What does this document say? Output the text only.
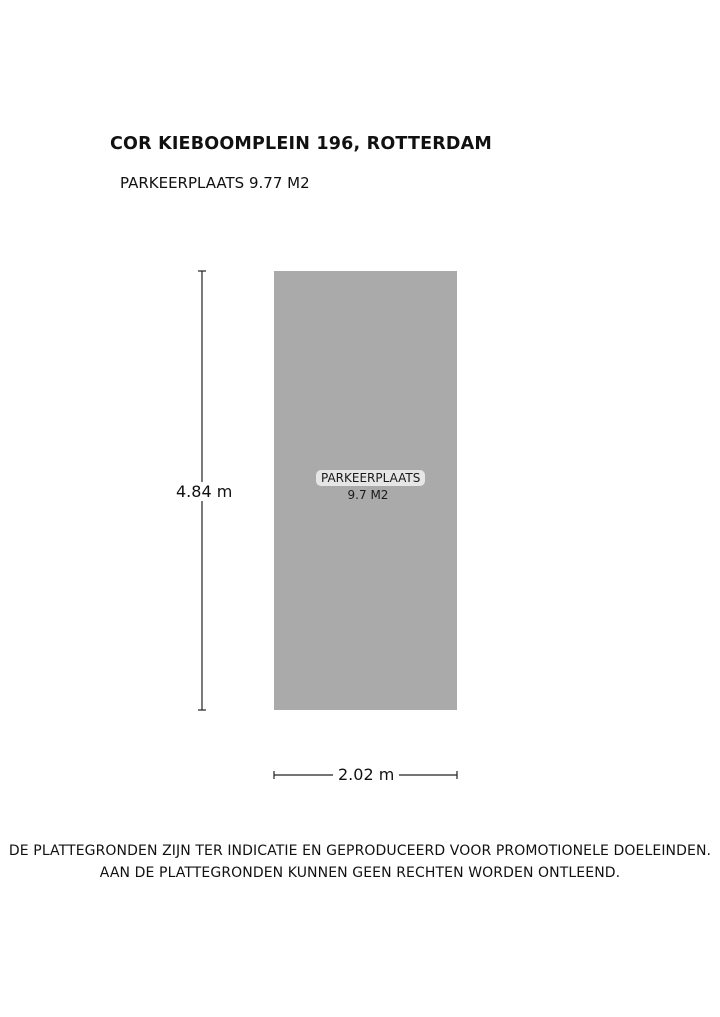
COR KIEBOOMPLEIN 196, ROTTERDAM
PARKEERPLAATS 9.77 M2
PARKEERPLAATS
9.7 M2
4.84 m
2.02 m
DE PLATTEGRONDEN ZIJN TER INDICATIE EN GEPRODUCEERD VOOR PROMOTIONELE DOELEINDEN.
AAN DE PLATTEGRONDEN KUNNEN GEEN RECHTEN WORDEN ONTLEEND.
